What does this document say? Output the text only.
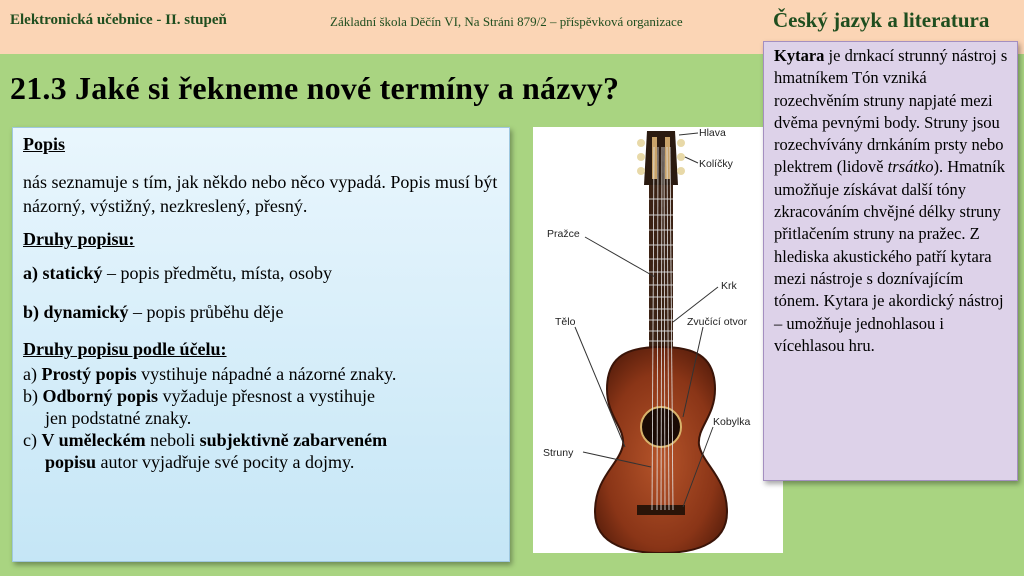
Elektronická učebnice - II. stupeň	Základní škola Děčín VI, Na Stráni 879/2 – příspěvková organizace	Český jazyk a literatura
21.3 Jaké si řekneme nové termíny a názvy?

Popis

nás seznamuje s tím, jak někdo nebo něco vypadá. Popis musí být názorný, výstižný, nezkreslený, přesný.

Druhy popisu:

a) statický – popis předmětu, místa, osoby

b) dynamický – popis průběhu děje

Druhy popisu podle účelu:

a) Prostý popis vystihuje nápadné a názorné znaky.

b) Odborný popis vyžaduje přesnost a vystihuje

jen podstatné znaky.

c) V uměleckém neboli subjektivně zabarveném

popisu autor vyjadřuje své pocity a dojmy.

Hlava
Kolíčky
Pražce
Krk
Tělo	Zvučící otvor
Kobylka
Struny
Kytara je drnkací strunný nástroj s hmatníkem Tón vzniká rozechvěním struny napjaté mezi dvěma pevnými body. Struny jsou rozechvívány drnkáním prsty nebo plektrem (lidově trsátko). Hmatník umožňuje získávat další tóny zkracováním chvějné délky struny přitlačením struny na pražec. Z hlediska akustického patří kytara mezi nástroje s doznívajícím tónem. Kytara je akordický nástroj – umožňuje jednohlasou i vícehlasou hru.
